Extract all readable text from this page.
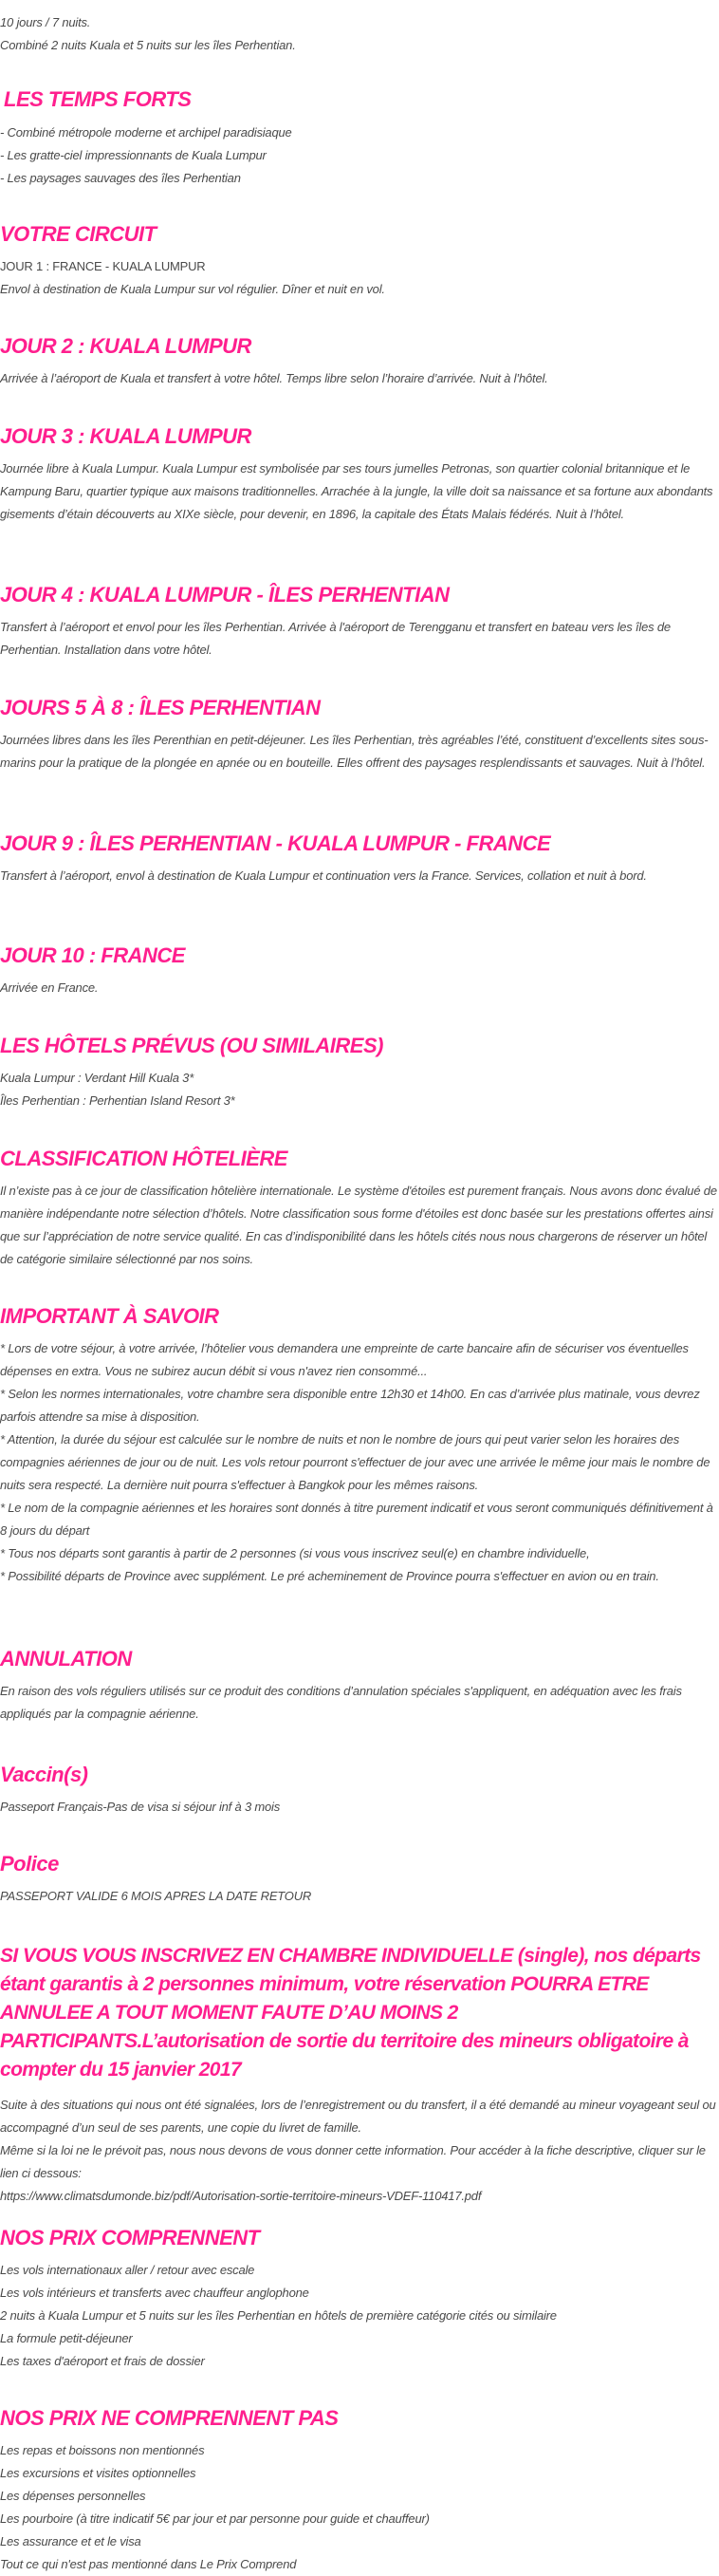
10 jours / 7 nuits.

Combiné 2 nuits Kuala et 5 nuits sur les îles Perhentian.

LES TEMPS FORTS

- Combiné métropole moderne et archipel paradisiaque

- Les gratte-ciel impressionnants de Kuala Lumpur

- Les paysages sauvages des îles Perhentian

VOTRE CIRCUIT

JOUR 1 : FRANCE - KUALA LUMPUR

Envol à destination de Kuala Lumpur sur vol régulier. Dîner et nuit en vol.

JOUR 2 : KUALA LUMPUR

Arrivée à l’aéroport de Kuala et transfert à votre hôtel. Temps libre selon l’horaire d’arrivée. Nuit à l’hôtel.

JOUR 3 : KUALA LUMPUR

Journée libre à Kuala Lumpur. Kuala Lumpur est symbolisée par ses tours jumelles Petronas, son quartier colonial britannique et le Kampung Baru, quartier typique aux maisons traditionnelles. Arrachée à la jungle, la ville doit sa naissance et sa fortune aux abondants gisements d’étain découverts au XIXe siècle, pour devenir, en 1896, la capitale des États Malais fédérés. Nuit à l’hôtel.

JOUR 4 : KUALA LUMPUR - ÎLES PERHENTIAN

Transfert à l’aéroport et envol pour les îles Perhentian. Arrivée à l'aéroport de Terengganu et transfert en bateau vers les îles de Perhentian. Installation dans votre hôtel.

JOURS 5 À 8 : ÎLES PERHENTIAN

Journées libres dans les îles Perenthian en petit-déjeuner. Les îles Perhentian, très agréables l’été, constituent d’excellents sites sous-marins pour la pratique de la plongée en apnée ou en bouteille. Elles offrent des paysages resplendissants et sauvages. Nuit à l’hôtel.

JOUR 9 : ÎLES PERHENTIAN - KUALA LUMPUR - FRANCE

Transfert à l’aéroport, envol à destination de Kuala Lumpur et continuation vers la France. Services, collation et nuit à bord.

JOUR 10 : FRANCE

Arrivée en France.

LES HÔTELS PRÉVUS (OU SIMILAIRES)

Kuala Lumpur : Verdant Hill Kuala 3*

Îles Perhentian : Perhentian Island Resort 3*

CLASSIFICATION HÔTELIÈRE

Il n’existe pas à ce jour de classification hôtelière internationale. Le système d'étoiles est purement français. Nous avons donc évalué de manière indépendante notre sélection d’hôtels. Notre classification sous forme d'étoiles est donc basée sur les prestations offertes ainsi que sur l’appréciation de notre service qualité. En cas d’indisponibilité dans les hôtels cités nous nous chargerons de réserver un hôtel de catégorie similaire sélectionné par nos soins.

IMPORTANT À SAVOIR

* Lors de votre séjour, à votre arrivée, l’hôtelier vous demandera une empreinte de carte bancaire afin de sécuriser vos éventuelles dépenses en extra. Vous ne subirez aucun débit si vous n'avez rien consommé...

* Selon les normes internationales, votre chambre sera disponible entre 12h30 et 14h00. En cas d’arrivée plus matinale, vous devrez parfois attendre sa mise à disposition.

* Attention, la durée du séjour est calculée sur le nombre de nuits et non le nombre de jours qui peut varier selon les horaires des compagnies aériennes de jour ou de nuit. Les vols retour pourront s'effectuer de jour avec une arrivée le même jour mais le nombre de nuits sera respecté. La dernière nuit pourra s'effectuer à Bangkok pour les mêmes raisons.

* Le nom de la compagnie aériennes et les horaires sont donnés à titre purement indicatif et vous seront communiqués définitivement à 8 jours du départ

* Tous nos départs sont garantis à partir de 2 personnes (si vous vous inscrivez seul(e) en chambre individuelle,

* Possibilité départs de Province avec supplément. Le pré acheminement de Province pourra s'effectuer en avion ou en train.

ANNULATION

En raison des vols réguliers utilisés sur ce produit des conditions d’annulation spéciales s'appliquent, en adéquation avec les frais appliqués par la compagnie aérienne.

Vaccin(s)

Passeport Français-Pas de visa si séjour inf à 3 mois

Police

PASSEPORT VALIDE 6 MOIS APRES LA DATE RETOUR

SI VOUS VOUS INSCRIVEZ EN CHAMBRE INDIVIDUELLE (single), nos départs étant garantis à 2 personnes minimum, votre réservation POURRA ETRE ANNULEE A TOUT MOMENT FAUTE D’AU MOINS 2 PARTICIPANTS.L’autorisation de sortie du territoire des mineurs obligatoire à compter du 15 janvier 2017

Suite à des situations qui nous ont été signalées, lors de l’enregistrement ou du transfert, il a été demandé au mineur voyageant seul ou accompagné d’un seul de ses parents, une copie du livret de famille.

Même si la loi ne le prévoit pas, nous nous devons de vous donner cette information. Pour accéder à la fiche descriptive, cliquer sur le lien ci dessous:

https://www.climatsdumonde.biz/pdf/Autorisation-sortie-territoire-mineurs-VDEF-110417.pdf

NOS PRIX COMPRENNENT

Les vols internationaux aller / retour avec escale

Les vols intérieurs et transferts avec chauffeur anglophone

2 nuits à Kuala Lumpur et 5 nuits sur les îles Perhentian en hôtels de première catégorie cités ou similaire

La formule petit-déjeuner

Les taxes d'aéroport et frais de dossier

NOS PRIX NE COMPRENNENT PAS

Les repas et boissons non mentionnés

Les excursions et visites optionnelles

Les dépenses personnelles

Les pourboire (à titre indicatif 5€ par jour et par personne pour guide et chauffeur)

Les assurance et et le visa

Tout ce qui n'est pas mentionné dans Le Prix Comprend
